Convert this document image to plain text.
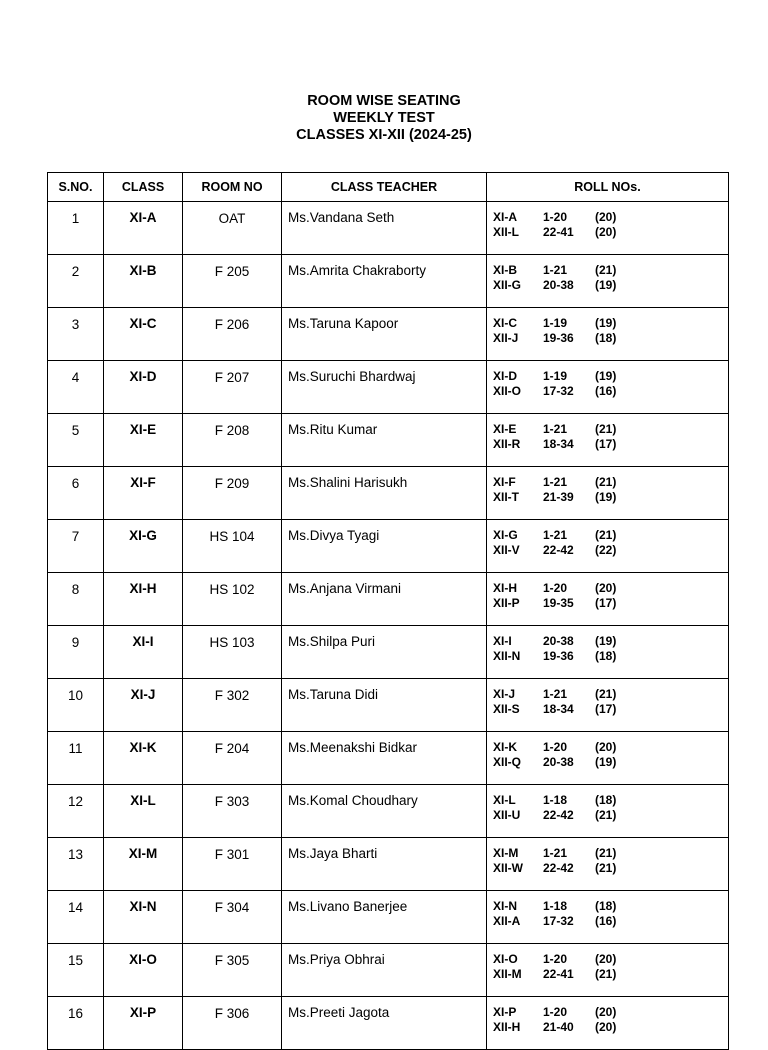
ROOM WISE SEATING
WEEKLY TEST
CLASSES XI-XII (2024-25)
S.NO.	CLASS	ROOM NO	CLASS TEACHER	ROLL NOs.
1	XI-A	OAT	Ms.Vandana Seth	XI-A 1-20 (20)
XII-L 22-41 (20)

2	XI-B	F 205	Ms.Amrita Chakraborty	XI-B 1-21 (21)
XII-G 20-38 (19)

3	XI-C	F 206	Ms.Taruna Kapoor	XI-C 1-19 (19)
XII-J 19-36 (18)

4	XI-D	F 207	Ms.Suruchi Bhardwaj	XI-D 1-19 (19)
XII-O 17-32 (16)

5	XI-E	F 208	Ms.Ritu Kumar	XI-E 1-21 (21)
XII-R 18-34 (17)

6	XI-F	F 209	Ms.Shalini Harisukh	XI-F 1-21 (21)
XII-T 21-39 (19)

7	XI-G	HS 104	Ms.Divya Tyagi	XI-G 1-21 (21)
XII-V 22-42 (22)

8	XI-H	HS 102	Ms.Anjana Virmani	XI-H 1-20 (20)
XII-P 19-35 (17)

9	XI-I	HS 103	Ms.Shilpa Puri	XI-I 20-38 (19)
XII-N 19-36 (18)

10	XI-J	F 302	Ms.Taruna Didi	XI-J 1-21 (21)
XII-S 18-34 (17)

11	XI-K	F 204	Ms.Meenakshi Bidkar	XI-K 1-20 (20)
XII-Q 20-38 (19)

12	XI-L	F 303	Ms.Komal Choudhary	XI-L 1-18 (18)
XII-U 22-42 (21)

13	XI-M	F 301	Ms.Jaya Bharti	XI-M 1-21 (21)
XII-W 22-42 (21)

14	XI-N	F 304	Ms.Livano Banerjee	XI-N 1-18 (18)
XII-A 17-32 (16)

15	XI-O	F 305	Ms.Priya Obhrai	XI-O 1-20 (20)
XII-M 22-41 (21)

16	XI-P	F 306	Ms.Preeti Jagota	XI-P 1-20 (20)
XII-H 21-40 (20)
